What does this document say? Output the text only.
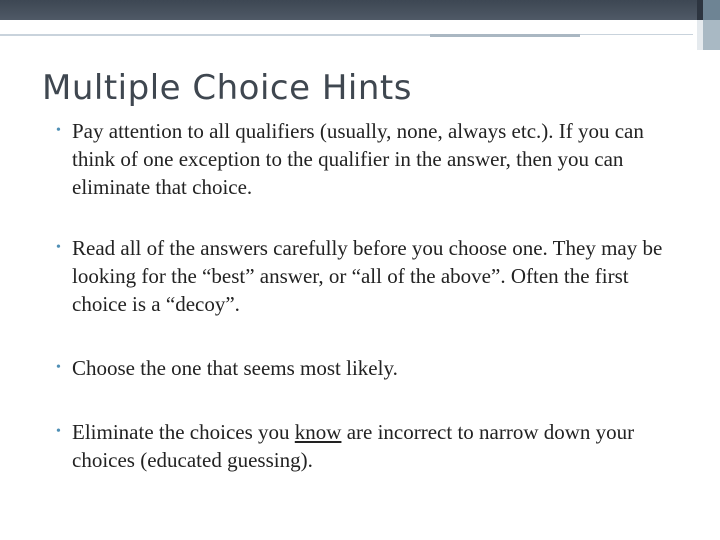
Multiple Choice Hints
• Pay attention to all qualifiers (usually, none, always etc.). If you can think of one exception to the qualifier in the answer, then you can eliminate that choice.
• Read all of the answers carefully before you choose one. They may be looking for the “best” answer, or “all of the above”. Often the first choice is a “decoy”.
• Choose the one that seems most likely.
• Eliminate the choices you know are incorrect to narrow down your choices (educated guessing).
